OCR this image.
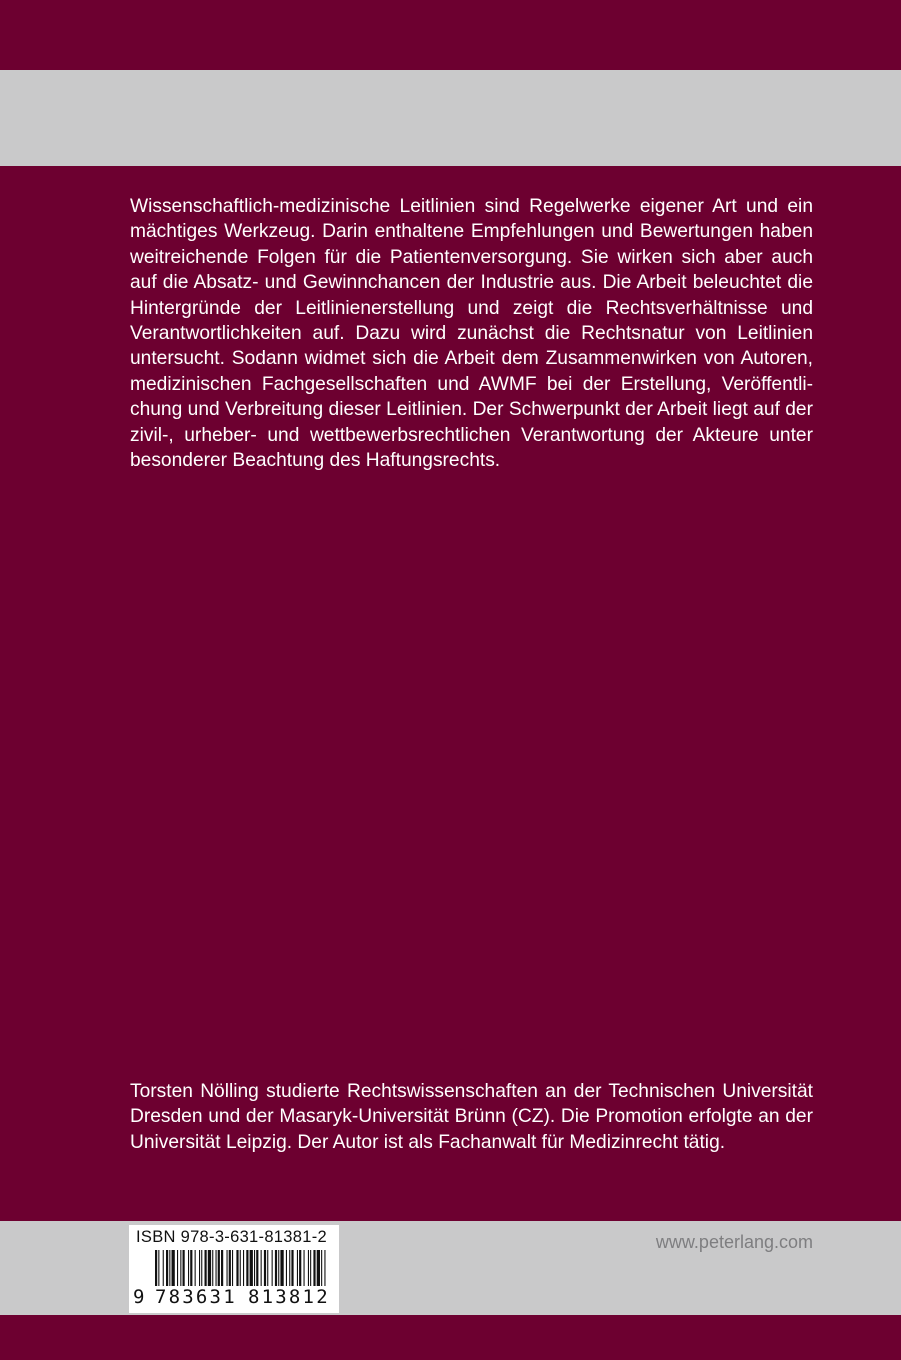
Wissenschaftlich-medizinische Leitlinien sind Regelwerke eigener Art und ein mächtiges Werkzeug. Darin enthaltene Empfehlungen und Bewertungen haben weitreichende Folgen für die Patientenversorgung. Sie wirken sich aber auch auf die Absatz- und Gewinnchancen der Industrie aus. Die Arbeit beleuchtet die Hintergründe der Leitlinienerstellung und zeigt die Rechtsverhältnisse und Verantwortlichkeiten auf. Dazu wird zunächst die Rechtsnatur von Leitlinien untersucht. Sodann widmet sich die Arbeit dem Zusammenwirken von Autoren, medizinischen Fachgesellschaften und AWMF bei der Erstellung, Veröffentlichung und Verbreitung dieser Leitlinien. Der Schwerpunkt der Arbeit liegt auf der zivil-, urheber- und wettbewerbsrechtlichen Verantwortung der Akteure unter besonderer Beachtung des Haftungsrechts.

Torsten Nölling studierte Rechtswissenschaften an der Technischen Universität Dresden und der Masaryk-Universität Brünn (CZ). Die Promotion erfolgte an der Universität Leipzig. Der Autor ist als Fachanwalt für Medizinrecht tätig.

ISBN 978-3-631-81381-2
9 783631 813812
www.peterlang.com
